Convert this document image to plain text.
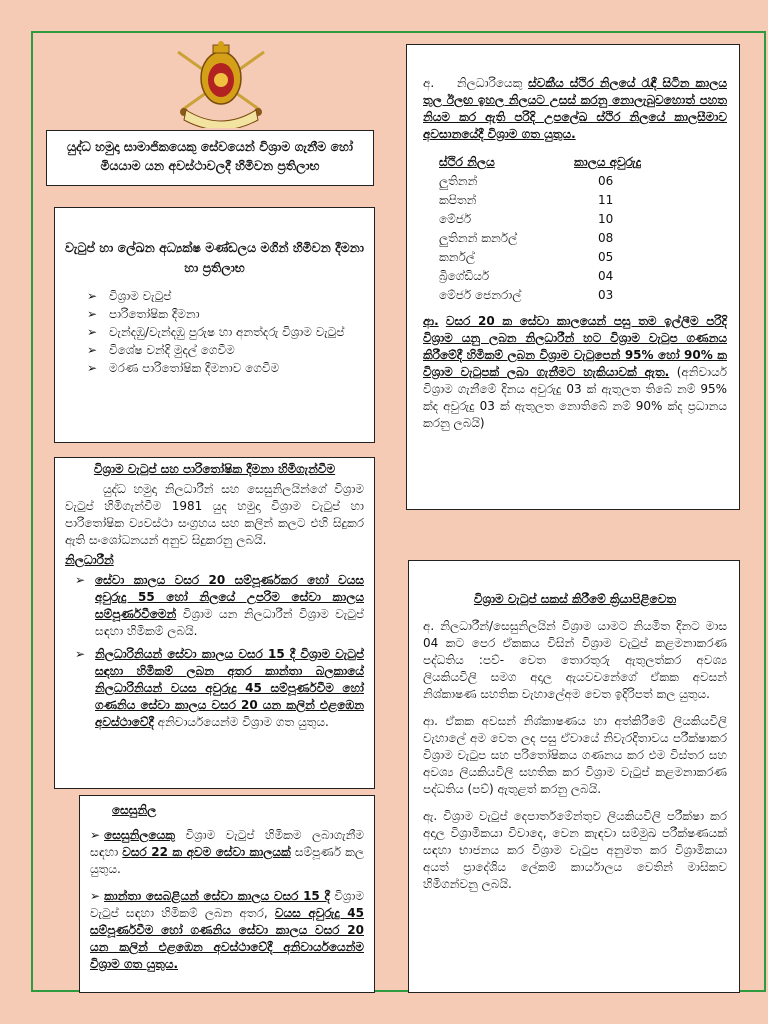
යුද්ධ හමුදා සාමාජිකයෙකු සේවයෙන් විශ්‍රාම ගැනීම හෝ මියයාම යන අවස්ථාවලදී හිමිවන ප්‍රතිලාභ
වැටුප් හා ලේඛන අධ්‍යක්ෂ මණ්ඩලය මගින් හිමිවන දීමනා හා ප්‍රතිලාභ
➢ විශ්‍රාම වැටුප්
➢ පාරිතෝෂික දීමනා
➢ වැන්දඹු/වැන්දඹු පුරුෂ හා අනත්දරු විශ්‍රාම වැටුප්
➢ විශේෂ වන්දි මුදල් ගෙවීම
➢ මරණ පාරිතෝෂික දීමනාව ගෙවීම

විශ්‍රාම වැටුප් සහ පාරිතෝෂික දීමනා හිමිගැන්වීම

යුද්ධ හමුදා නිලධාරීන් සහ සෙසුනිලයින්ගේ විශ්‍රාම වැටුප් හිමිගැන්වීම 1981 යුද හමුදා විශ්‍රාම වැටුප් හා පාරිතෝෂික ව්‍යවස්ථා සංග්‍රහය සහ කලින් කලට එහි සිදුකර ඇති සංශෝධනයන් අනුව සිදුකරනු ලබයි.

නිලධාරීන්

➢ සේවා කාලය වසර 20 සම්පූර්ණකර හෝ වයස අවුරුදු 55 හෝ නිලයේ උපරිම සේවා කාලය සම්පූර්ණවීමෙන් විශ්‍රාම යන නිලධාරීන් විශ්‍රාම වැටුප් සඳහා හිමිකම් ලබයි.
➢ නිලධාරිනියන් සේවා කාලය වසර 15 දී විශ්‍රාම වැටුප් සඳහා හිමිකම් ලබන අතර කාන්තා බලකායේ නිලධාරිනියන් වයස අවුරුදු 45 සම්පූර්ණවීම හෝ ගණනිය සේවා කාලය වසර 20 යන කලින් එළඹෙන අවස්ථාවේදී අනිවාර්යයෙන්ම විශ්‍රාම ගත යුතුය.
සෙසුනිල
➢ සෙසුනිලයෙකු විශ්‍රාම වැටුප් හිමිකම ලබාගැනීම සඳහා වසර 22 ක අවම සේවා කාලයක් සම්පූර්ණ කල යුතුය.
➢ කාන්තා සෙබළියන් සේවා කාලය වසර 15 දී විශ්‍රාම වැටුප් සඳහා හිමිකම් ලබන අතර, වයස අවුරුදු 45 සම්පූර්ණවීම හෝ ගණනිය සේවා කාලය වසර 20 යන කලින් එළඹෙන අවස්ථාවේදී අනිවාර්යයෙන්ම විශ්‍රාම ගත යුතුය.

අ. නිලධාරියෙකු ස්වකීය ස්ථිර නිලයේ රැඳී සිටින කාලය තුල ඊලඟ ඉහල නිලයට උසස් කරනු නොලැබුවහොත් පහත නියම කර ඇති පරිදි උපලේඛ ස්ථිර නිලයේ කාලසීමාව අවසානයේදී විශ්‍රාම ගත යුතුය.

ස්ථිර නිලය	කාලය අවුරුදු
ලුතිනන්	06
කපිතන්	11
මේජර්	10
ලුතිනන් කර්නල්	08
කර්නල්	05
බ්‍රිගේඩියර්	04
මේජර් ජෙනරාල්	03

ආ. වසර 20 ක සේවා කාලයෙන් පසු තම ඉල්ලීම පරිදි විශ්‍රාම යනු ලබන නිලධාරීන් හට විශ්‍රාම වැටුප ගණනය කිරීමේදී හිමිකම් ලබන විශ්‍රාම වැටුපෙන් 95% හෝ 90% ක විශ්‍රාම වැටුපක් ලබා ගැනීමට හැකියාවක් ඇත. (අනිවාර්ය විශ්‍රාම ගැනීමේ දිනය අවුරුදු 03 ක් ඇතුලත තිබේ නම් 95% ක්ද අවුරුදු 03 ක් ඇතුලත නොතිබේ නම් 90% ක්ද ප්‍රධානය කරනු ලබයි)

විශ්‍රාම වැටුප් සකස් කිරීමේ ක්‍රියාපිළිවෙත

අ. නිලධාරීන්/සෙසුනිලයින් විශ්‍රාම යාමට නියමිත දිනට මාස 04 කට පෙර ඒකකය විසින් විශ්‍රාම වැටුප් කළමනාකරණ පද්ධතිය :පව්- වෙත තොරතුරු ඇතුලත්කර අවශ්‍ය ලියකියවිලි සමග අදාල ඇයවචනේගේ ඒකක අවසන් නිශ්කාෂණ සහතික වැහාලේඅම වෙත ඉදිරිපත් කල යුතුය.

ආ. ඒකක අවසන් නිශ්කාෂණය හා අත්කිරීමේ ලියකියවිලි වැහාලේ අම වෙත ලද පසු ඒවායේ නිවැරදිතාවය පරීක්ෂාකර විශ්‍රාම වැටුප සහ පරිතෝෂිකය ගණනය කර එම විස්තර සහ අවශ්‍ය ලියකියවිලි සහතික කර විශ්‍රාම වැටුප් කළමනාකරණ පද්ධතිය (පව්) ඇතුළත් කරනු ලබයි.

ඇ. විශ්‍රාම වැටුප් දෙපාර්තමේන්තුව ලියකියවිලි පරීක්ෂා කර අදාල විශ්‍රාමිකයා විවාදෙ, වෙන කැඳවා සම්මුඛ පරීක්ෂණයක් සඳහා භාජනය කර විශ්‍රාම වැටුප අනුමත කර විශ්‍රාමිකයා අයත් ප්‍රාදේශිය ලේකම් කාර්යාලය වෙතින් මාසිකව හිමිගන්වනු ලබයි.
